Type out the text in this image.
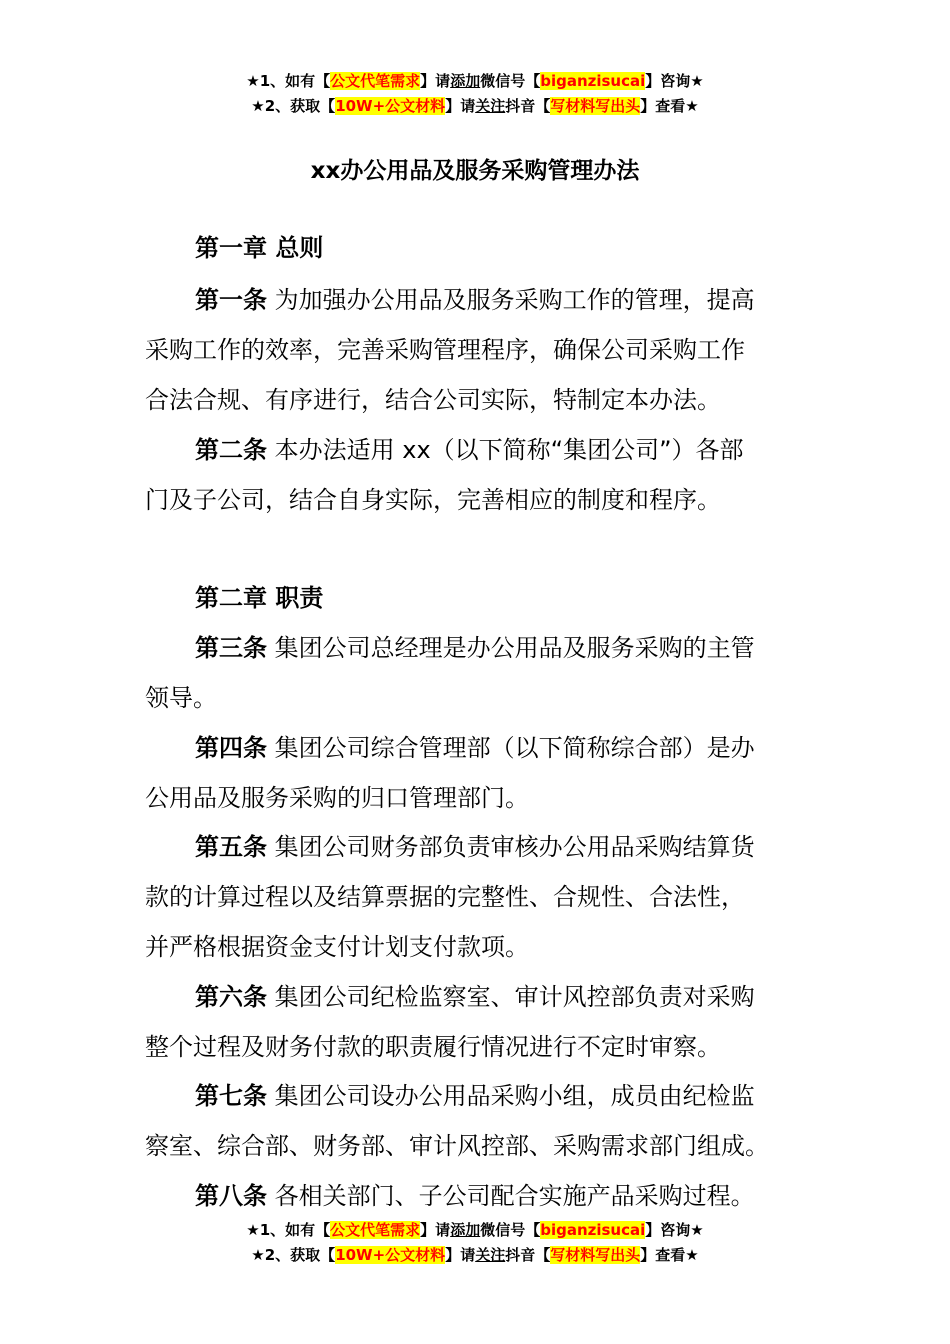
★1、如有【公文代笔需求】请添加微信号【biganzisucai】咨询★
★2、获取【10W+公文材料】请关注抖音【写材料写出头】查看★
xx办公用品及服务采购管理办法
第一章 总则
第一条 为加强办公用品及服务采购工作的管理，提高
采购工作的效率，完善采购管理程序，确保公司采购工作
合法合规、有序进行，结合公司实际，特制定本办法。
第二条 本办法适用 xx（以下简称“集团公司”）各部
门及子公司，结合自身实际，完善相应的制度和程序。
第二章 职责
第三条 集团公司总经理是办公用品及服务采购的主管
领导。
第四条 集团公司综合管理部（以下简称综合部）是办
公用品及服务采购的归口管理部门。
第五条 集团公司财务部负责审核办公用品采购结算货
款的计算过程以及结算票据的完整性、合规性、合法性，
并严格根据资金支付计划支付款项。
第六条 集团公司纪检监察室、审计风控部负责对采购
整个过程及财务付款的职责履行情况进行不定时审察。
第七条 集团公司设办公用品采购小组，成员由纪检监
察室、综合部、财务部、审计风控部、采购需求部门组成。
第八条 各相关部门、子公司配合实施产品采购过程。
★1、如有【公文代笔需求】请添加微信号【biganzisucai】咨询★
★2、获取【10W+公文材料】请关注抖音【写材料写出头】查看★
